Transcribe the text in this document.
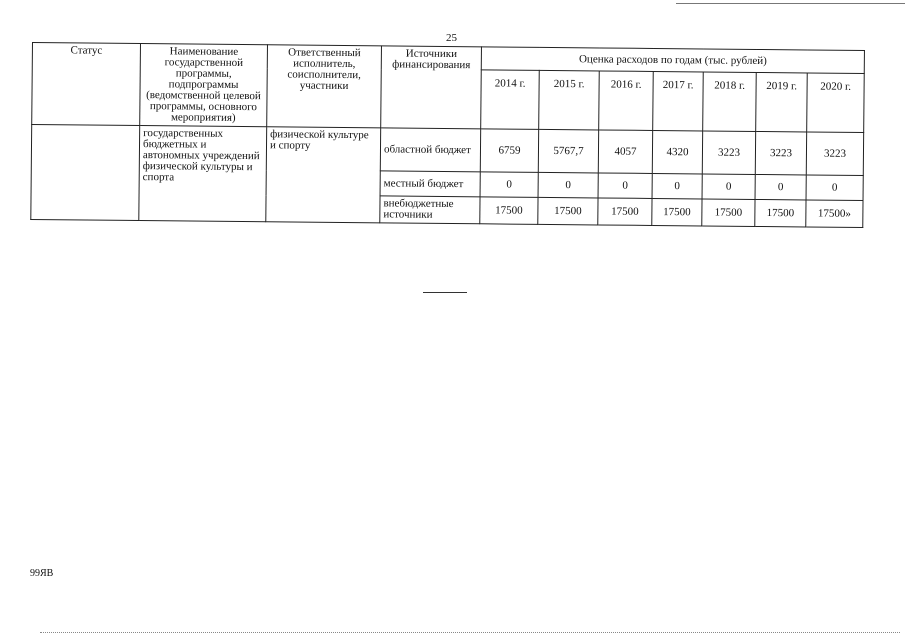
25
Статус	Наименование государственной программы, подпрограммы (ведомственной целевой программы, основного мероприятия)	Ответственный исполнитель, соисполнители, участники	Источники финансирования	Оценка расходов по годам (тыс. рублей)						
				2014 г.	2015 г.	2016 г.	2017 г.	2018 г.	2019 г.	2020 г.
	государственных бюджетных и автономных учреждений физической культуры и спорта	физической культуре и спорту	областной бюджет	6759	5767,7	4057	4320	3223	3223	3223
			местный бюджет	0	0	0	0	0	0	0
			внебюджетные источники	17500	17500	17500	17500	17500	17500	17500»
99ЯВ
